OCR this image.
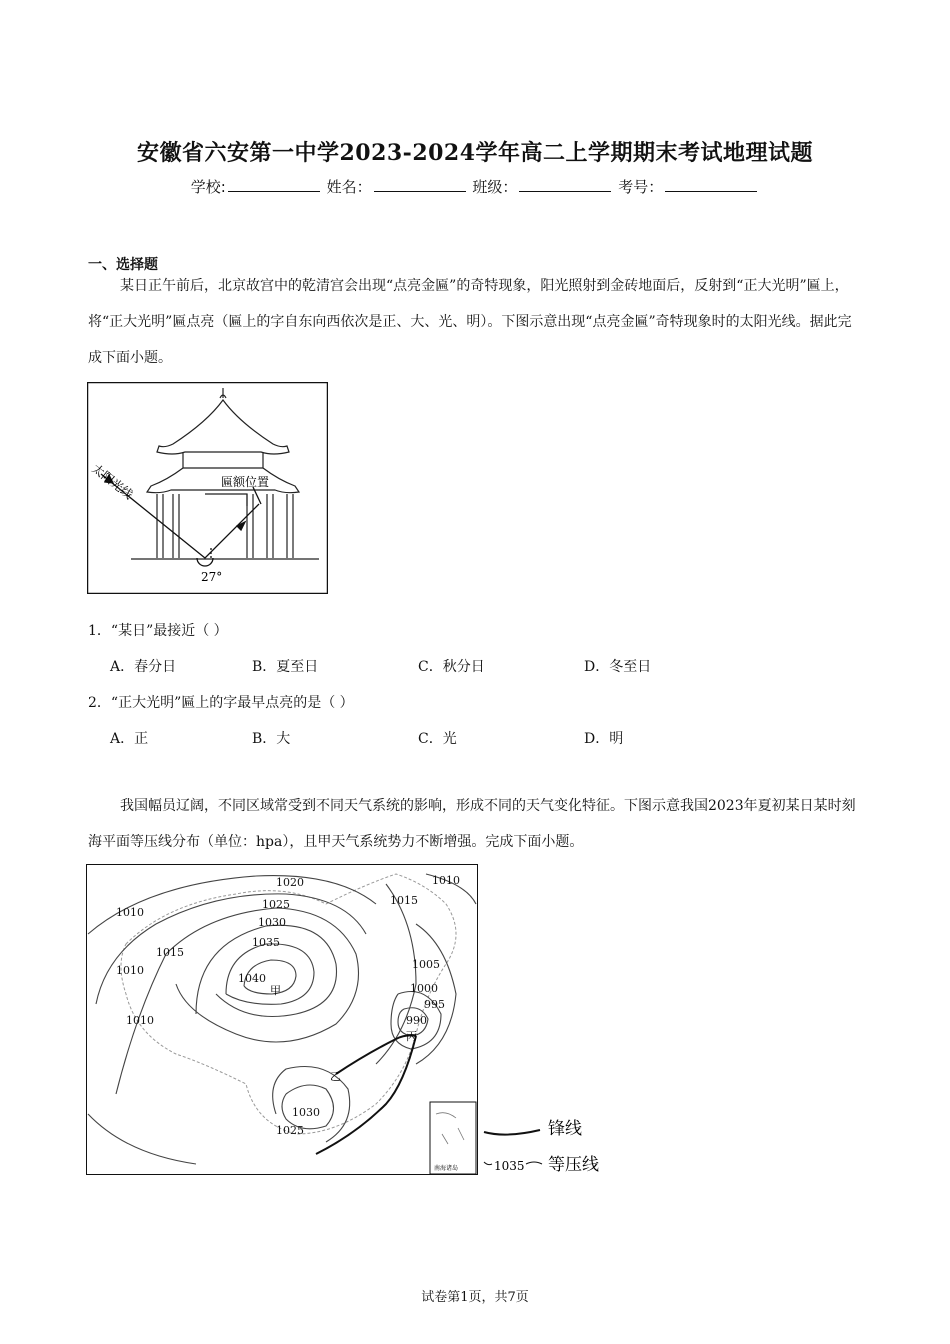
安徽省六安第一中学2023-2024学年高二上学期期末考试地理试题
学校:	姓名：	班级：	考号：
一、选择题

某日正午前后，北京故宫中的乾清宫会出现“点亮金匾”的奇特现象，阳光照射到金砖地面后，反射到“正大光明”匾上，将“正大光明”匾点亮（匾上的字自东向西依次是正、大、光、明）。下图示意出现“点亮金匾”奇特现象时的太阳光线。据此完成下面小题。

太阳光线	匾额位置
27°
1．“某日”最接近（ ）
A．春分日	B．夏至日	C．秋分日	D．冬至日
2．“正大光明”匾上的字最早点亮的是（ ）
A．正	B．大	C．光	D．明

我国幅员辽阔，不同区域常受到不同天气系统的影响，形成不同的天气变化特征。下图示意我国2023年夏初某日某时刻海平面等压线分布（单位：hpa），且甲天气系统势力不断增强。完成下面小题。

1010
1015
1010
1010
1020
1025
1030
1035
1040
1015
1010
1005
1000
995
990
1030
1025
甲
乙
丙
南海诸岛
锋线
1035 等压线
试卷第1页，共7页
